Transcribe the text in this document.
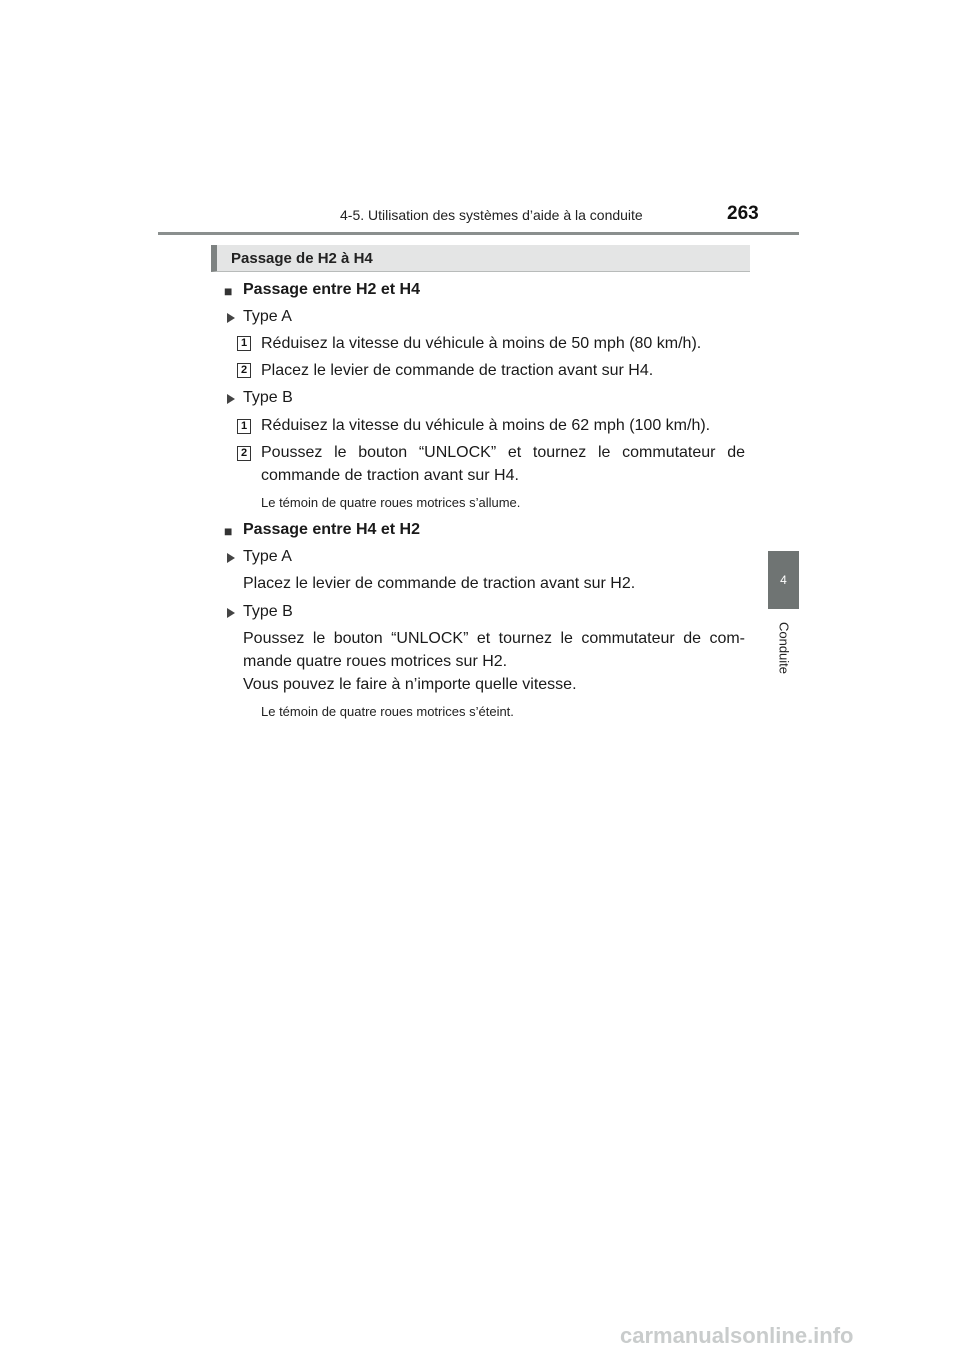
4-5. Utilisation des systèmes d’aide à la conduite	263
4
Conduite
Passage de H2 à H4
■ Passage entre H2 et H4
Type A
1 Réduisez la vitesse du véhicule à moins de 50 mph (80 km/h).
2 Placez le levier de commande de traction avant sur H4.
Type B
1 Réduisez la vitesse du véhicule à moins de 62 mph (100 km/h).
2 Poussez le bouton “UNLOCK” et tournez le commutateur de
commande de traction avant sur H4.
Le témoin de quatre roues motrices s’allume.
■ Passage entre H4 et H2
Type A
Placez le levier de commande de traction avant sur H2.
Type B
Poussez le bouton “UNLOCK” et tournez le commutateur de com-
mande quatre roues motrices sur H2.
Vous pouvez le faire à n’importe quelle vitesse.
Le témoin de quatre roues motrices s’éteint.
carmanualsonline.info
